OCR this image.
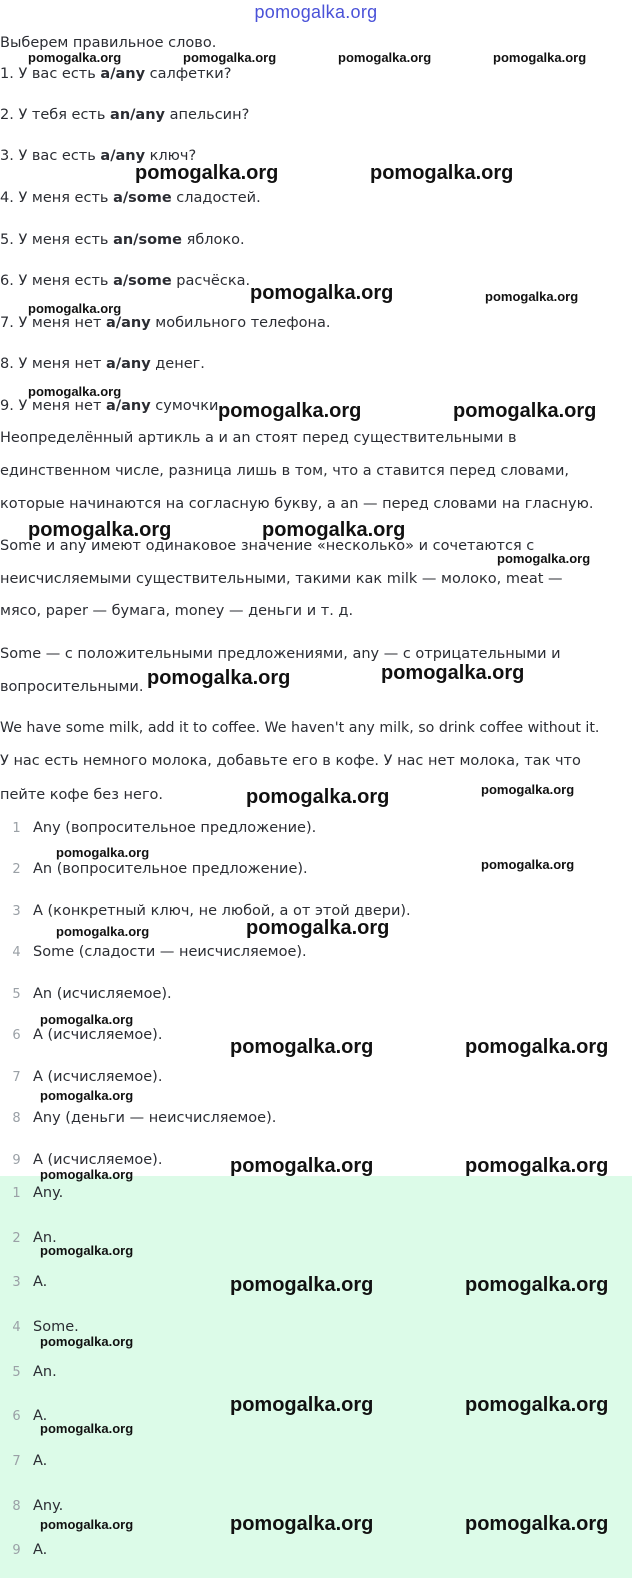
pomogalka.org
Выберем правильное слово.
1. У вас есть a/any салфетки?
2. У тебя есть an/any апельсин?
3. У вас есть a/any ключ?
4. У меня есть a/some сладостей.
5. У меня есть an/some яблоко.
6. У меня есть a/some расчёска.
7. У меня нет a/any мобильного телефона.
8. У меня нет a/any денег.
9. У меня нет a/any сумочки.
Неопределённый артикль a и an стоят перед существительными в
единственном числе, разница лишь в том, что a ставится перед словами,
которые начинаются на согласную букву, а an — перед словами на гласную.
Some и any имеют одинаковое значение «несколько» и сочетаются с
неисчисляемыми существительными, такими как milk — молоко, meat —
мясо, paper — бумага, money — деньги и т. д.
Some — с положительными предложениями, any — с отрицательными и
вопросительными.
We have some milk, add it to coffee. We haven't any milk, so drink coffee without it.
У нас есть немного молока, добавьте его в кофе. У нас нет молока, так что
пейте кофе без него.
1 Any (вопросительное предложение).
2 An (вопросительное предложение).
3 A (конкретный ключ, не любой, а от этой двери).
4 Some (сладости — неисчисляемое).
5 An (исчисляемое).
6 A (исчисляемое).
7 A (исчисляемое).
8 Any (деньги — неисчисляемое).
9 A (исчисляемое).
1 Any.
2 An.
3 A.
4 Some.
5 An.
6 A.
7 A.
8 Any.
9 A.
pomogalka.org	pomogalka.org	pomogalka.org	pomogalka.org
pomogalka.org	pomogalka.org
pomogalka.org	pomogalka.org
pomogalka.org
pomogalka.org
pomogalka.org	pomogalka.org
pomogalka.org	pomogalka.org
pomogalka.org
pomogalka.org	pomogalka.org
pomogalka.org
pomogalka.org
pomogalka.org
pomogalka.org
pomogalka.org
pomogalka.org
pomogalka.org
pomogalka.org	pomogalka.org
pomogalka.org
pomogalka.org	pomogalka.org
pomogalka.org
pomogalka.org
pomogalka.org	pomogalka.org
pomogalka.org
pomogalka.org	pomogalka.org
pomogalka.org
pomogalka.org	pomogalka.org	pomogalka.org
